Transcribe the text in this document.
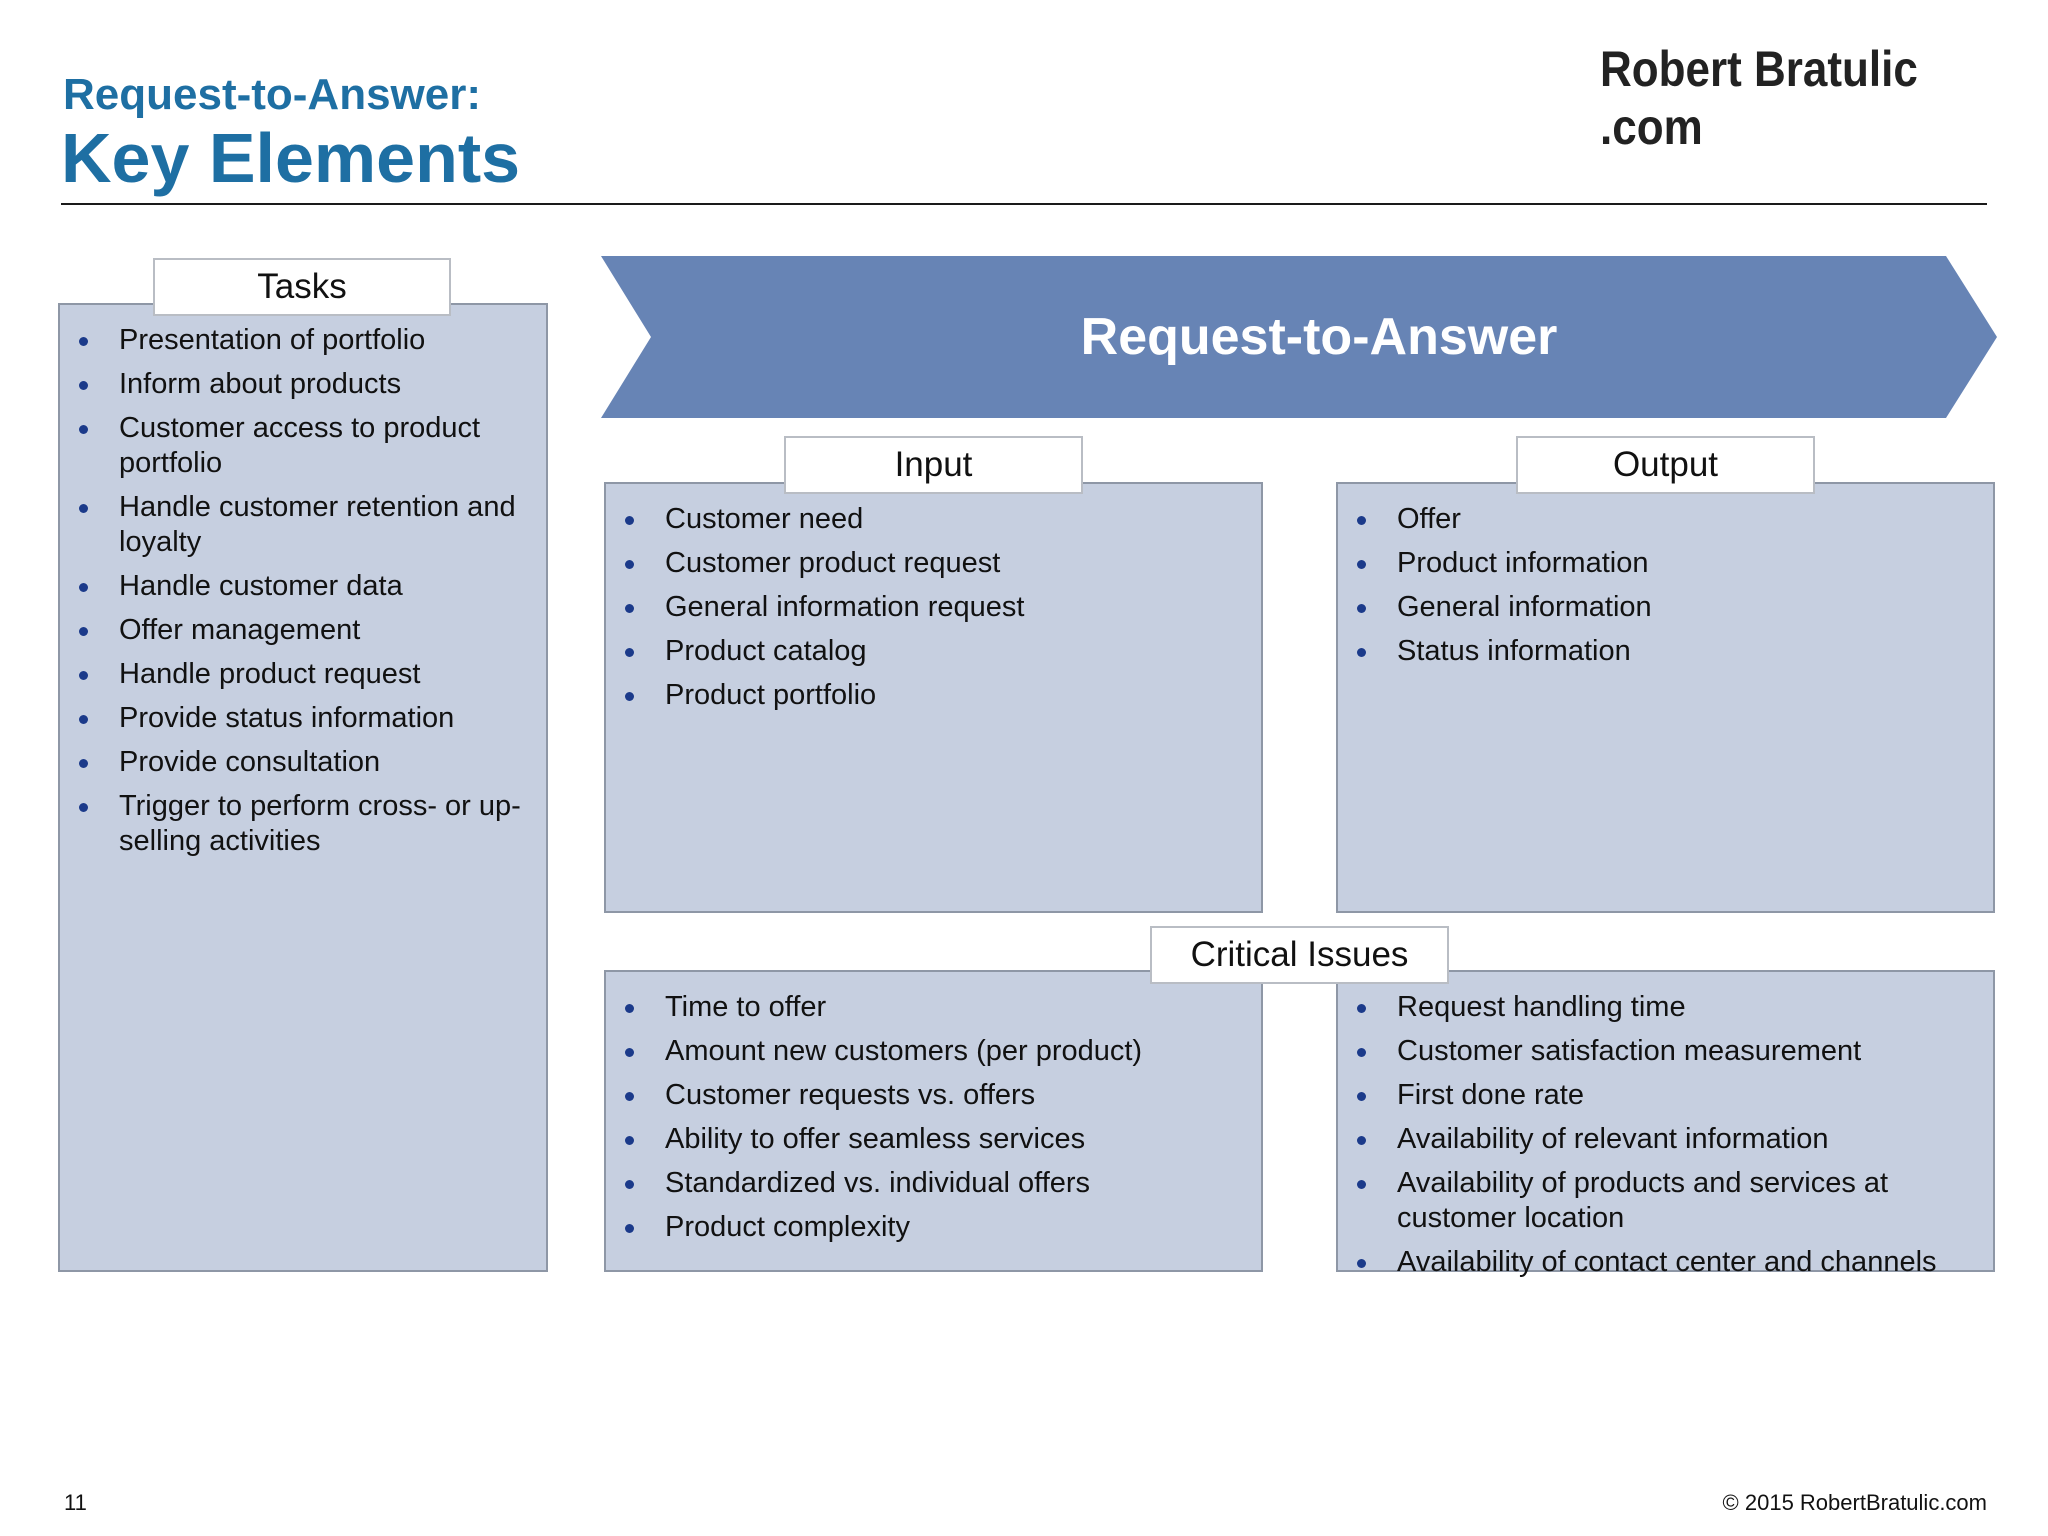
Request-to-Answer:
Key Elements
Robert Bratulic .com
Tasks
Presentation of portfolio
Inform about products
Customer access to product portfolio
Handle customer retention and loyalty
Handle customer data
Offer management
Handle product request
Provide status information
Provide consultation
Trigger to perform cross- or up-selling activities
Request-to-Answer
Input
Customer need
Customer product request
General information request
Product catalog
Product portfolio
Output
Offer
Product information
General information
Status information
Critical Issues
Time to offer
Amount new customers (per product)
Customer requests vs. offers
Ability to offer seamless services
Standardized vs. individual offers
Product complexity
Request handling time
Customer satisfaction measurement
First done rate
Availability of relevant information
Availability of products and services at customer location
Availability of contact center and channels
11	© 2015 RobertBratulic.com
